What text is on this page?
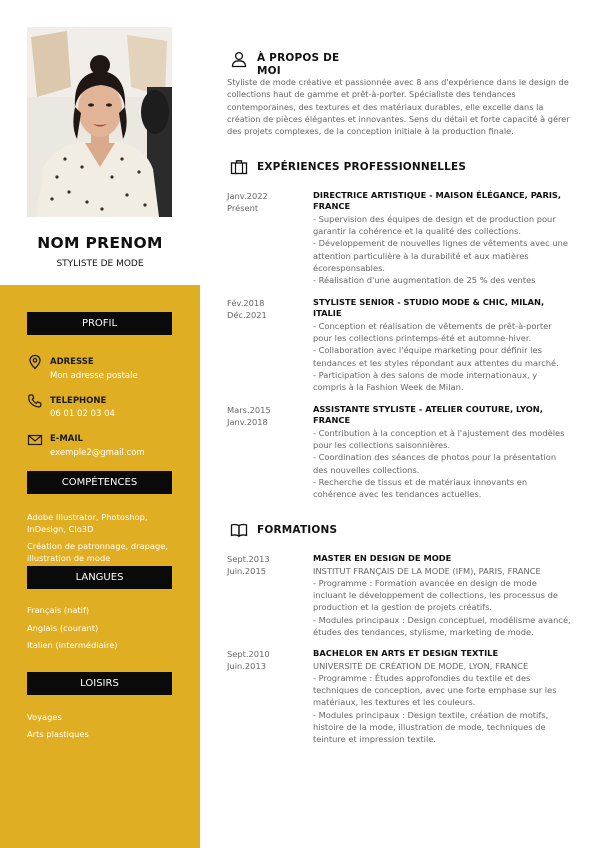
NOM PRENOM
STYLISTE DE MODE
PROFIL
ADRESSE
Mon adresse postale
TELEPHONE
06 01 02 03 04
E-MAIL
exemple2@gmail.com
COMPÉTENCES
Adobe Illustrator, Photoshop, InDesign, Clo3D
Création de patronnage, drapage, illustration de mode
LANGUES
Français (natif)
Anglais (courant)
Italien (intermédiaire)
LOISIRS
Voyages
Arts plastiques
À PROPOS DE MOI
Styliste de mode créative et passionnée avec 8 ans d'expérience dans le design de collections haut de gamme et prêt-à-porter. Spécialiste des tendances contemporaines, des textures et des matériaux durables, elle excelle dans la création de pièces élégantes et innovantes. Sens du détail et forte capacité à gérer des projets complexes, de la conception initiale à la production finale.
EXPÉRIENCES PROFESSIONNELLES
Janv.2022
Présent
DIRECTRICE ARTISTIQUE - MAISON ÉLÉGANCE, PARIS, FRANCE
- Supervision des équipes de design et de production pour garantir la cohérence et la qualité des collections.
- Développement de nouvelles lignes de vêtements avec une attention particulière à la durabilité et aux matières écoresponsables.
- Réalisation d'une augmentation de 25 % des ventes
Fév.2018
Déc.2021
STYLISTE SENIOR - STUDIO MODE & CHIC, MILAN, ITALIE
- Conception et réalisation de vêtements de prêt-à-porter pour les collections printemps-été et automne-hiver.
- Collaboration avec l'équipe marketing pour définir les tendances et les styles répondant aux attentes du marché.
- Participation à des salons de mode internationaux, y compris à la Fashion Week de Milan.
Mars.2015
Janv.2018
ASSISTANTE STYLISTE - ATELIER COUTURE, LYON, FRANCE
- Contribution à la conception et à l'ajustement des modèles pour les collections saisonnières.
- Coordination des séances de photos pour la présentation des nouvelles collections.
- Recherche de tissus et de matériaux innovants en cohérence avec les tendances actuelles.
FORMATIONS
Sept.2013
Juin.2015
MASTER EN DESIGN DE MODE
INSTITUT FRANÇAIS DE LA MODE (IFM), PARIS, FRANCE
- Programme : Formation avancée en design de mode incluant le développement de collections, les processus de production et la gestion de projets créatifs.
- Modules principaux : Design conceptuel, modélisme avancé, études des tendances, stylisme, marketing de mode.
Sept.2010
Juin.2013
BACHELOR EN ARTS ET DESIGN TEXTILE
UNIVERSITÉ DE CRÉATION DE MODE, LYON, FRANCE
- Programme : Études approfondies du textile et des techniques de conception, avec une forte emphase sur les matériaux, les textures et les couleurs.
- Modules principaux : Design textile, création de motifs, histoire de la mode, illustration de mode, techniques de teinture et impression textile.
